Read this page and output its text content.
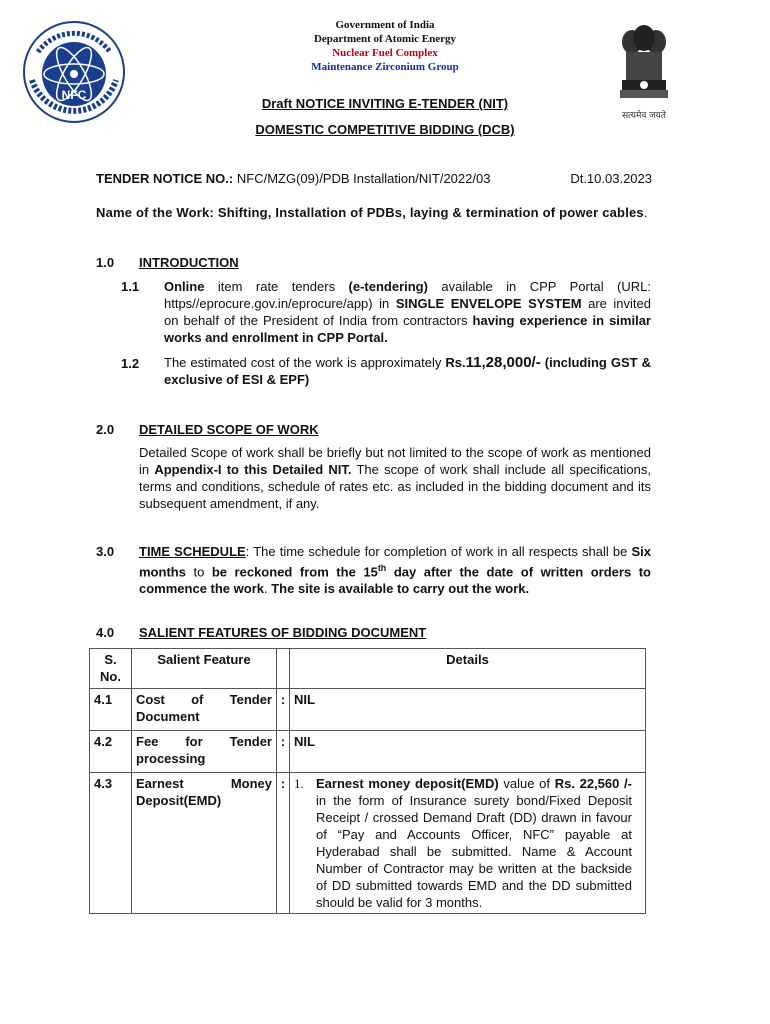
NFC
Government of India
Department of Atomic Energy
Nuclear Fuel Complex
Maintenance Zirconium Group
सत्यमेव जयते
Draft NOTICE INVITING E-TENDER (NIT)
DOMESTIC COMPETITIVE BIDDING (DCB)
TENDER NOTICE NO.: NFC/MZG(09)/PDB Installation/NIT/2022/03	Dt.10.03.2023
Name of the Work: Shifting, Installation of PDBs, laying & termination of power cables.
1.0 INTRODUCTION
1.1 Online item rate tenders (e-tendering) available in CPP Portal (URL: https//eprocure.gov.in/eprocure/app) in SINGLE ENVELOPE SYSTEM are invited on behalf of the President of India from contractors having experience in similar works and enrollment in CPP Portal.
1.2 The estimated cost of the work is approximately Rs.11,28,000/- (including GST & exclusive of ESI & EPF)
2.0 DETAILED SCOPE OF WORK
Detailed Scope of work shall be briefly but not limited to the scope of work as mentioned in Appendix-I to this Detailed NIT. The scope of work shall include all specifications, terms and conditions, schedule of rates etc. as included in the bidding document and its subsequent amendment, if any.
3.0 TIME SCHEDULE: The time schedule for completion of work in all respects shall be Six months to be reckoned from the 15th day after the date of written orders to commence the work. The site is available to carry out the work.
4.0 SALIENT FEATURES OF BIDDING DOCUMENT
S. No.	Salient Feature		Details
4.1	Cost of Tender Document	:	NIL
4.2	Fee for Tender processing	:	NIL
4.3	Earnest Money Deposit(EMD)	:	1. Earnest money deposit(EMD) value of Rs. 22,560 /- in the form of Insurance surety bond/Fixed Deposit Receipt / crossed Demand Draft (DD) drawn in favour of “Pay and Accounts Officer, NFC” payable at Hyderabad shall be submitted. Name & Account Number of Contractor may be written at the backside of DD submitted towards EMD and the DD submitted should be valid for 3 months.
